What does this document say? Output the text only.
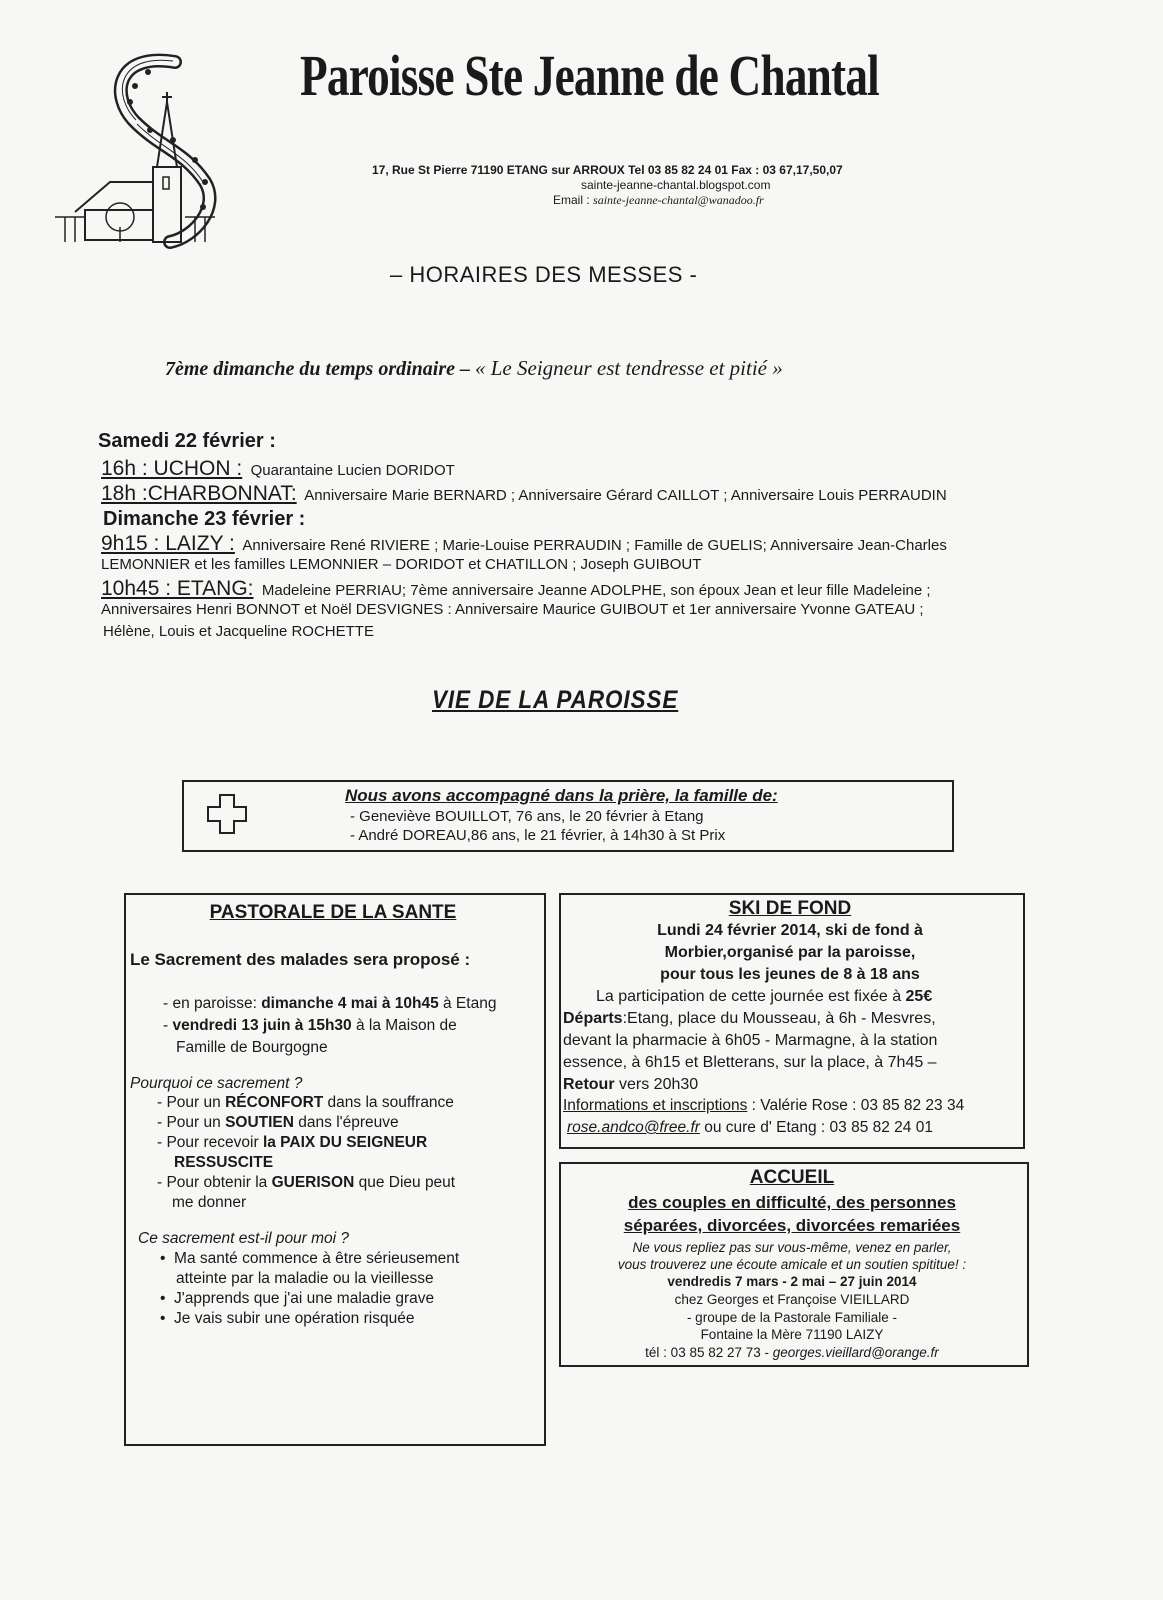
Paroisse Ste Jeanne de Chantal
17, Rue St Pierre 71190 ETANG sur ARROUX Tel 03 85 82 24 01 Fax : 03 67,17,50,07
sainte-jeanne-chantal.blogspot.com
Email : sainte-jeanne-chantal@wanadoo.fr
– HORAIRES DES MESSES -
7ème dimanche du temps ordinaire – « Le Seigneur est tendresse et pitié »
Samedi 22 février :
16h : UCHON : Quarantaine Lucien DORIDOT
18h :CHARBONNAT: Anniversaire Marie BERNARD ; Anniversaire Gérard CAILLOT ; Anniversaire Louis PERRAUDIN
Dimanche 23 février :
9h15 : LAIZY : Anniversaire René RIVIERE ; Marie-Louise PERRAUDIN ; Famille de GUELIS; Anniversaire Jean-Charles
LEMONNIER et les familles LEMONNIER – DORIDOT et CHATILLON ; Joseph GUIBOUT
10h45 : ETANG: Madeleine PERRIAU; 7ème anniversaire Jeanne ADOLPHE, son époux Jean et leur fille Madeleine ;
Anniversaires Henri BONNOT et Noël DESVIGNES : Anniversaire Maurice GUIBOUT et 1er anniversaire Yvonne GATEAU ;
Hélène, Louis et Jacqueline ROCHETTE
VIE DE LA PAROISSE
Nous avons accompagné dans la prière, la famille de:
- Geneviève BOUILLOT, 76 ans, le 20 février à Etang
- André DOREAU,86 ans, le 21 février, à 14h30 à St Prix
PASTORALE DE LA SANTE
Le Sacrement des malades sera proposé :
- en paroisse: dimanche 4 mai à 10h45 à Etang
- vendredi 13 juin à 15h30 à la Maison de
Famille de Bourgogne
Pourquoi ce sacrement ?
- Pour un RÉCONFORT dans la souffrance
- Pour un SOUTIEN dans l'épreuve
- Pour recevoir la PAIX DU SEIGNEUR
RESSUSCITE
- Pour obtenir la GUERISON que Dieu peut
me donner
Ce sacrement est-il pour moi ?
•  Ma santé commence à être sérieusement
atteinte par la maladie ou la vieillesse
•  J'apprends que j'ai une maladie grave
•  Je vais subir une opération risquée
SKI DE FOND
Lundi 24 février 2014, ski de fond à
Morbier,organisé par la paroisse,
pour tous les jeunes de 8 à 18 ans
La participation de cette journée est fixée à 25€
Départs:Etang, place du Mousseau, à 6h - Mesvres,
devant la pharmacie à 6h05 - Marmagne, à la station
essence, à 6h15 et Bletterans, sur la place, à 7h45 –
Retour vers 20h30
Informations et inscriptions : Valérie Rose : 03 85 82 23 34
rose.andco@free.fr ou cure d' Etang : 03 85 82 24 01
ACCUEIL
des couples en difficulté, des personnes
séparées, divorcées, divorcées remariées
Ne vous repliez pas sur vous-même, venez en parler,
vous trouverez une écoute amicale et un soutien spititue! :
vendredis 7 mars - 2 mai – 27 juin 2014
chez Georges et Françoise VIEILLARD
- groupe de la Pastorale Familiale -
Fontaine la Mère 71190 LAIZY
tél : 03 85 82 27 73 - georges.vieillard@orange.fr
